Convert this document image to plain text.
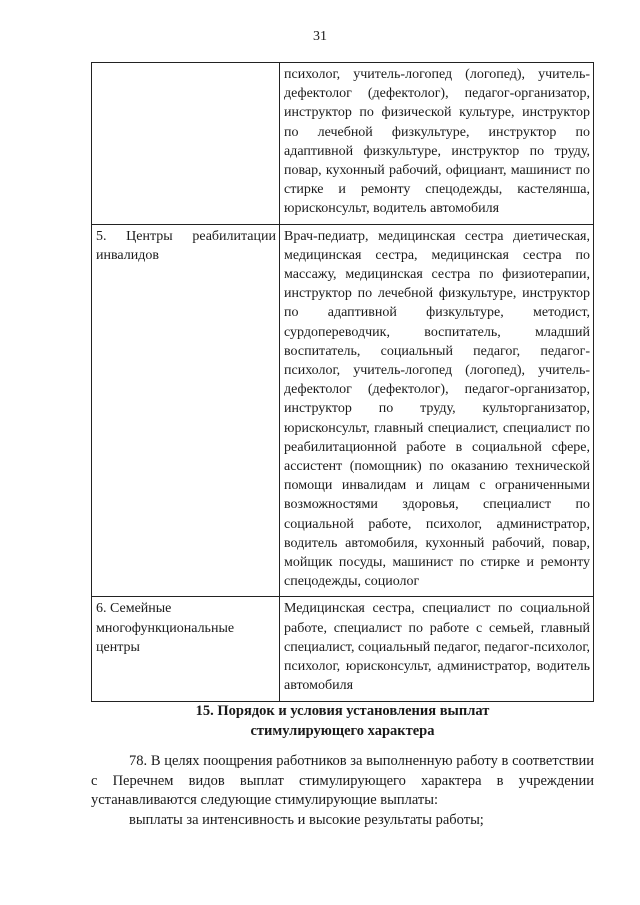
31
	психолог, учитель-логопед (логопед), учитель-дефектолог (дефектолог), педагог-организатор, инструктор по физической культуре, инструктор по лечебной физкультуре, инструктор по адаптивной физкультуре, инструктор по труду, повар, кухонный рабочий, официант, машинист по стирке и ремонту спецодежды, кастелянша, юрисконсульт, водитель автомобиля
5. Центры реабилитации инвалидов	Врач-педиатр, медицинская сестра диетическая, медицинская сестра, медицинская сестра по массажу, медицинская сестра по физиотерапии, инструктор по лечебной физкультуре, инструктор по адаптивной физкультуре, методист, сурдопереводчик, воспитатель, младший воспитатель, социальный педагог, педагог-психолог, учитель-логопед (логопед), учитель-дефектолог (дефектолог), педагог-организатор, инструктор по труду, культорганизатор, юрисконсульт, главный специалист, специалист по реабилитационной работе в социальной сфере, ассистент (помощник) по оказанию технической помощи инвалидам и лицам с ограниченными возможностями здоровья, специалист по социальной работе, психолог, администратор, водитель автомобиля, кухонный рабочий, повар, мойщик посуды, машинист по стирке и ремонту спецодежды, социолог
6. Семейные многофункциональные центры	Медицинская сестра, специалист по социальной работе, специалист по работе с семьей, главный специалист, социальный педагог, педагог-психолог, психолог, юрисконсульт, администратор, водитель автомобиля
15. Порядок и условия установления выплат
стимулирующего характера

78. В целях поощрения работников за выполненную работу в соответствии с Перечнем видов выплат стимулирующего характера в учреждении устанавливаются следующие стимулирующие выплаты:

выплаты за интенсивность и высокие результаты работы;
